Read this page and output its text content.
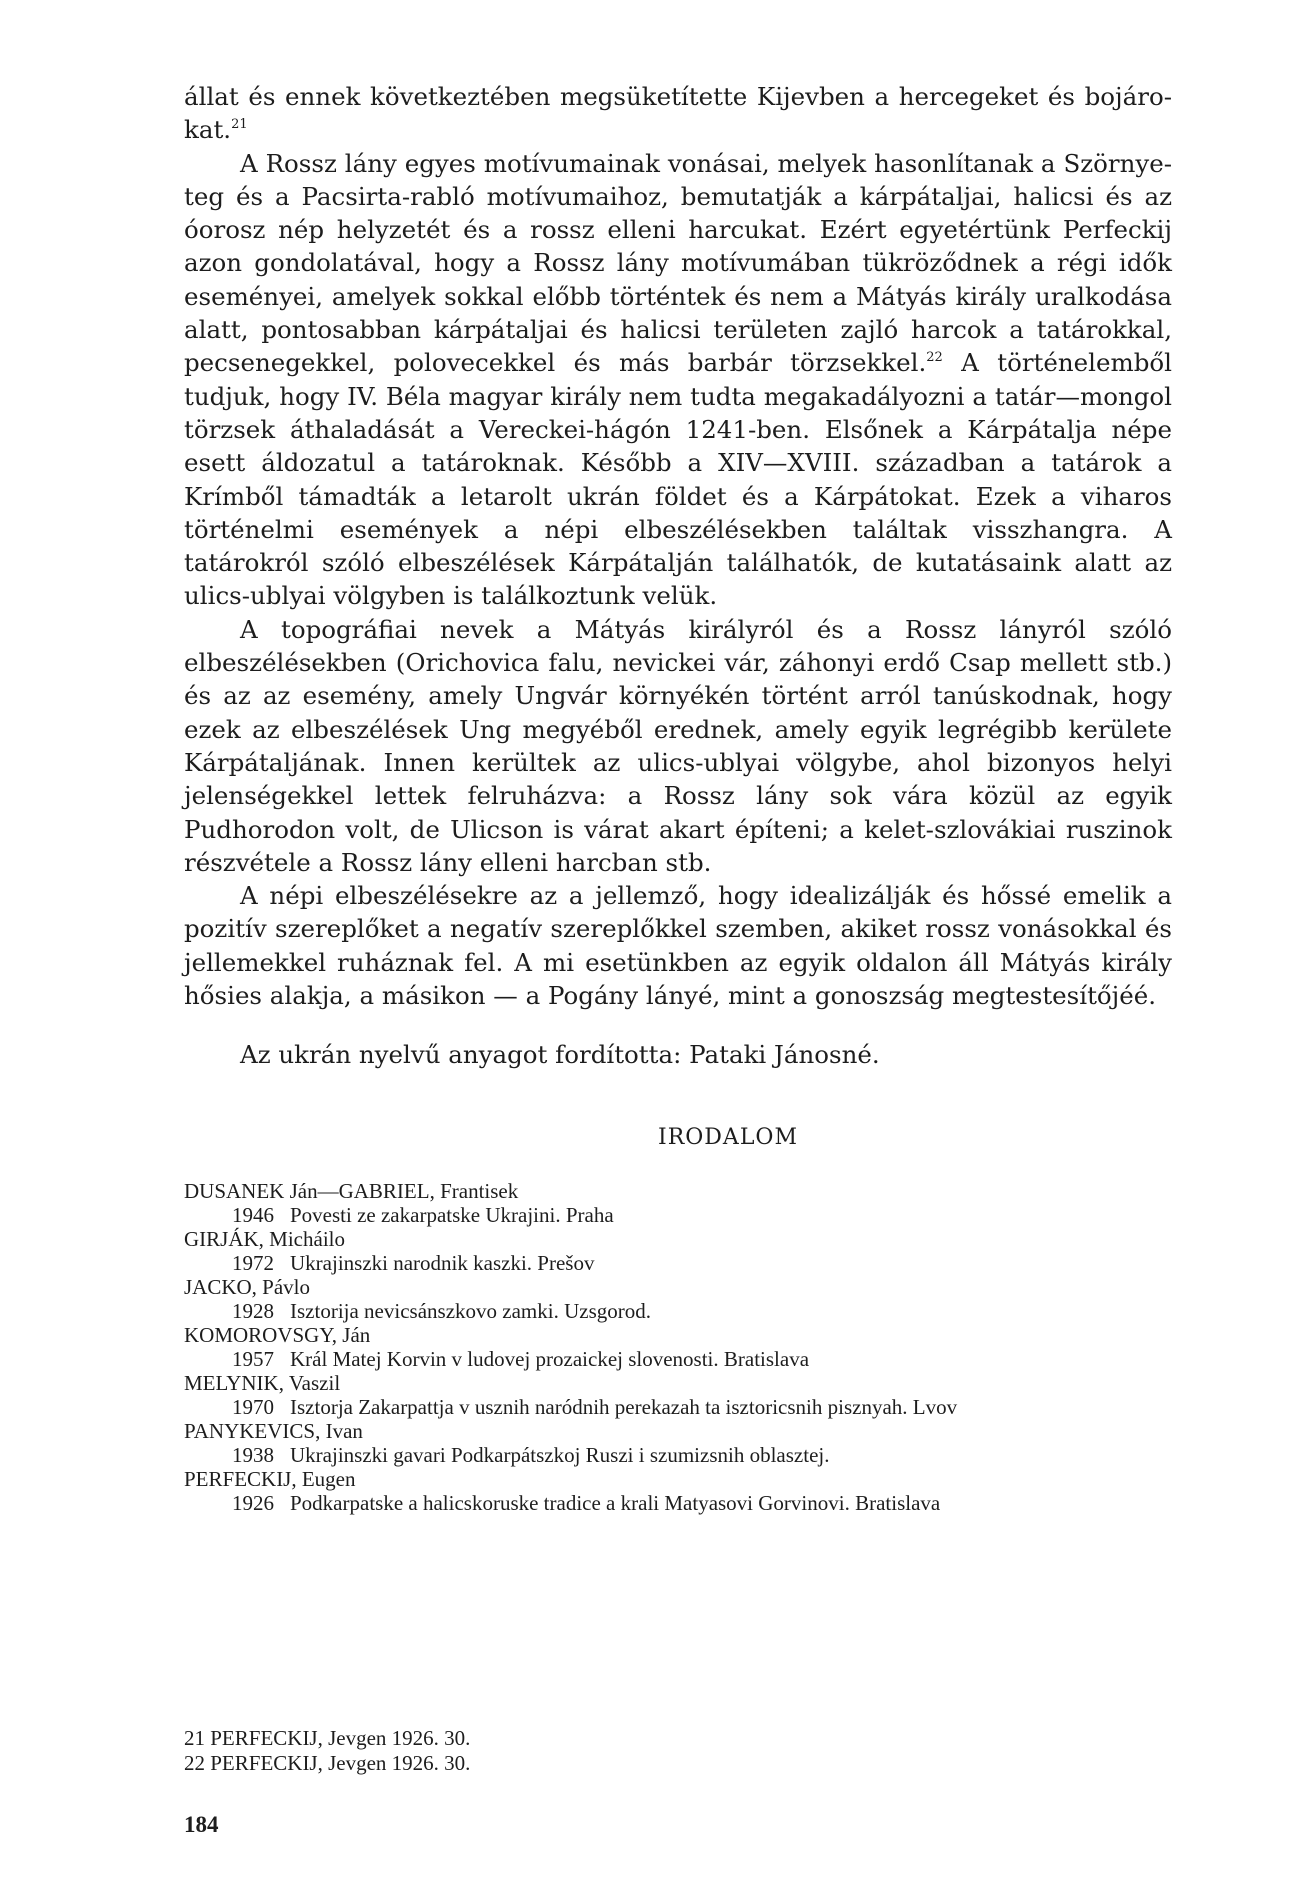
állat és ennek következtében megsüketítette Kijevben a hercegeket és bojárokat.$^{21}$

A Rossz lány egyes motívumainak vonásai, melyek hasonlítanak a Szörnyeteg és a Pacsirta-rabló motívumaihoz, bemutatják a kárpátaljai, halicsi és az óorosz nép helyzetét és a rossz elleni harcukat. Ezért egyetértünk Perfeckij azon gondolatával, hogy a Rossz lány motívumában tükröződnek a régi idők eseményei, amelyek sokkal előbb történtek és nem a Mátyás király uralkodása alatt, pontosabban kárpátaljai és halicsi területen zajló harcok a tatárokkal, pecsenegekkel, polovecekkel és más barbár törzsekkel.$^{22}$ A történelemből tudjuk, hogy IV. Béla magyar király nem tudta megakadályozni a tatár—mongol törzsek áthaladását a Vereckei-hágón 1241-ben. Elsőnek a Kárpátalja népe esett áldozatul a tatároknak. Később a XIV—XVIII. században a tatárok a Krímből támadták a letarolt ukrán földet és a Kárpátokat. Ezek a viharos történelmi események a népi elbeszélésekben találtak visszhangra. A tatárokról szóló elbeszélések Kárpátalján találhatók, de kutatásaink alatt az ulics-ublyai völgyben is találkoztunk velük.

A topográfiai nevek a Mátyás királyról és a Rossz lányról szóló elbeszélésekben (Orichovica falu, nevickei vár, záhonyi erdő Csap mellett stb.) és az az esemény, amely Ungvár környékén történt arról tanúskodnak, hogy ezek az elbeszélések Ung megyéből erednek, amely egyik legrégibb kerülete Kárpátaljának. Innen kerültek az ulics-ublyai völgybe, ahol bizonyos helyi jelenségekkel lettek felruházva: a Rossz lány sok vára közül az egyik Pudhorodon volt, de Ulicson is várat akart építeni; a kelet-szlovákiai ruszinok részvétele a Rossz lány elleni harcban stb.

A népi elbeszélésekre az a jellemző, hogy idealizálják és hőssé emelik a pozitív szereplőket a negatív szereplőkkel szemben, akiket rossz vonásokkal és jellemekkel ruháznak fel. A mi esetünkben az egyik oldalon áll Mátyás király hősies alakja, a másikon — a Pogány lányé, mint a gonoszság megtestesítőjéé.

Az ukrán nyelvű anyagot fordította: Pataki Jánosné.
IRODALOM

DUSANEK Ján—GABRIEL, Frantisek

1946 Povesti ze zakarpatske Ukrajini. Praha

GIRJÁK, Micháilo

1972 Ukrajinszki narodnik kaszki. Prešov

JACKO, Pávlo

1928 Isztorija nevicsánszkovo zamki. Uzsgorod.

KOMOROVSGY, Ján

1957 Král Matej Korvin v ludovej prozaickej slovenosti. Bratislava

MELYNIK, Vaszil

1970 Isztorja Zakarpattja v usznih naródnih perekazah ta isztoricsnih pisznyah. Lvov

PANYKEVICS, Ivan

1938 Ukrajinszki gavari Podkarpátszkoj Ruszi i szumizsnih oblasztej.

PERFECKIJ, Eugen

1926 Podkarpatske a halicskoruske tradice a krali Matyasovi Gorvinovi. Bratislava

21 PERFECKIJ, Jevgen 1926. 30.

22 PERFECKIJ, Jevgen 1926. 30.

184
